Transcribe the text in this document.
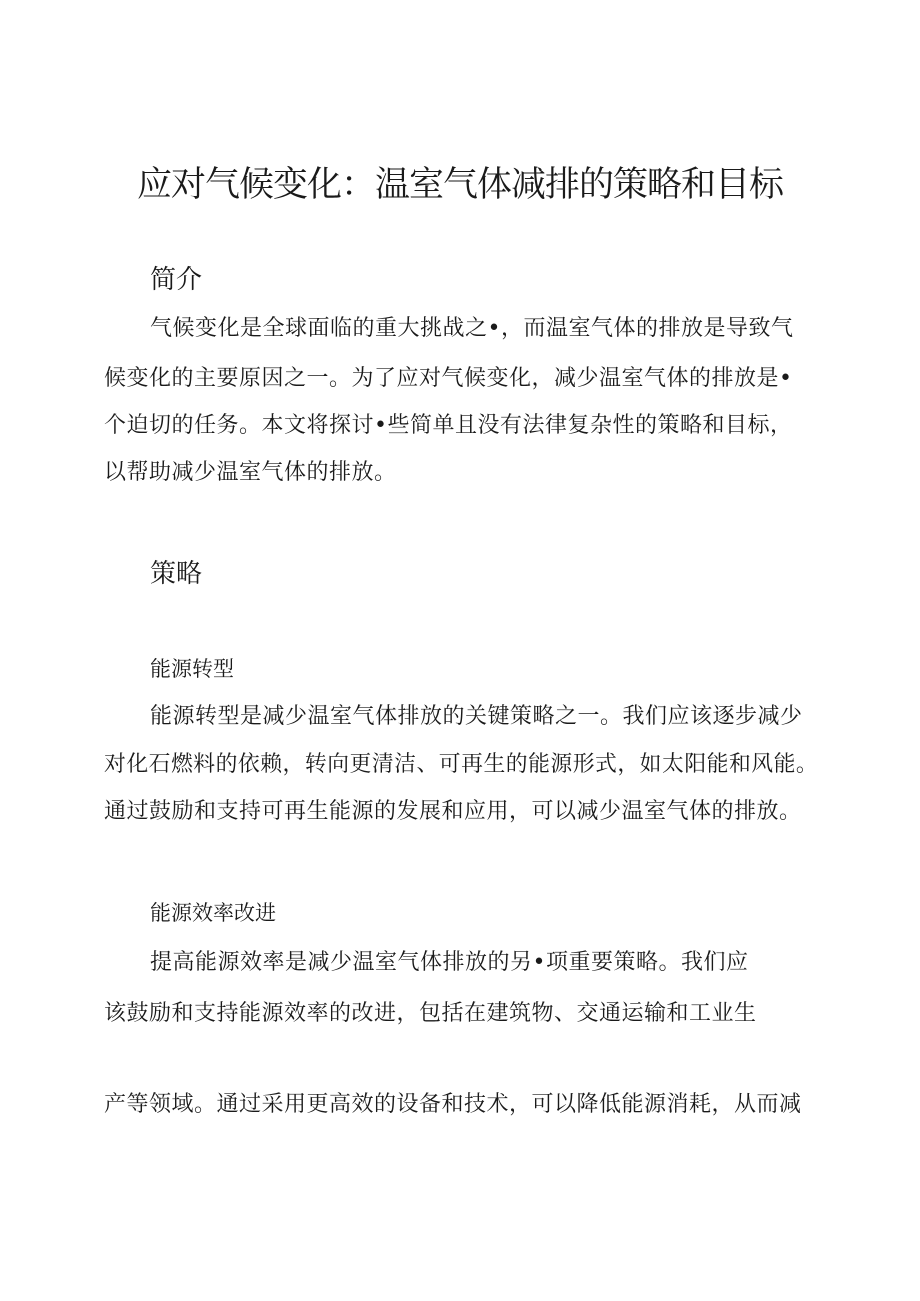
应对气候变化：温室气体减排的策略和目标
简介

气候变化是全球面临的重大挑战之•，而温室气体的排放是导致气

候变化的主要原因之一。为了应对气候变化，减少温室气体的排放是•

个迫切的任务。本文将探讨•些简单且没有法律复杂性的策略和目标，

以帮助减少温室气体的排放。

策略
能源转型

能源转型是减少温室气体排放的关键策略之一。我们应该逐步减少

对化石燃料的依赖，转向更清洁、可再生的能源形式，如太阳能和风能。

通过鼓励和支持可再生能源的发展和应用，可以减少温室气体的排放。

能源效率改进

提高能源效率是减少温室气体排放的另•项重要策略。我们应

该鼓励和支持能源效率的改进，包括在建筑物、交通运输和工业生

产等领域。通过采用更高效的设备和技术，可以降低能源消耗，从而减
